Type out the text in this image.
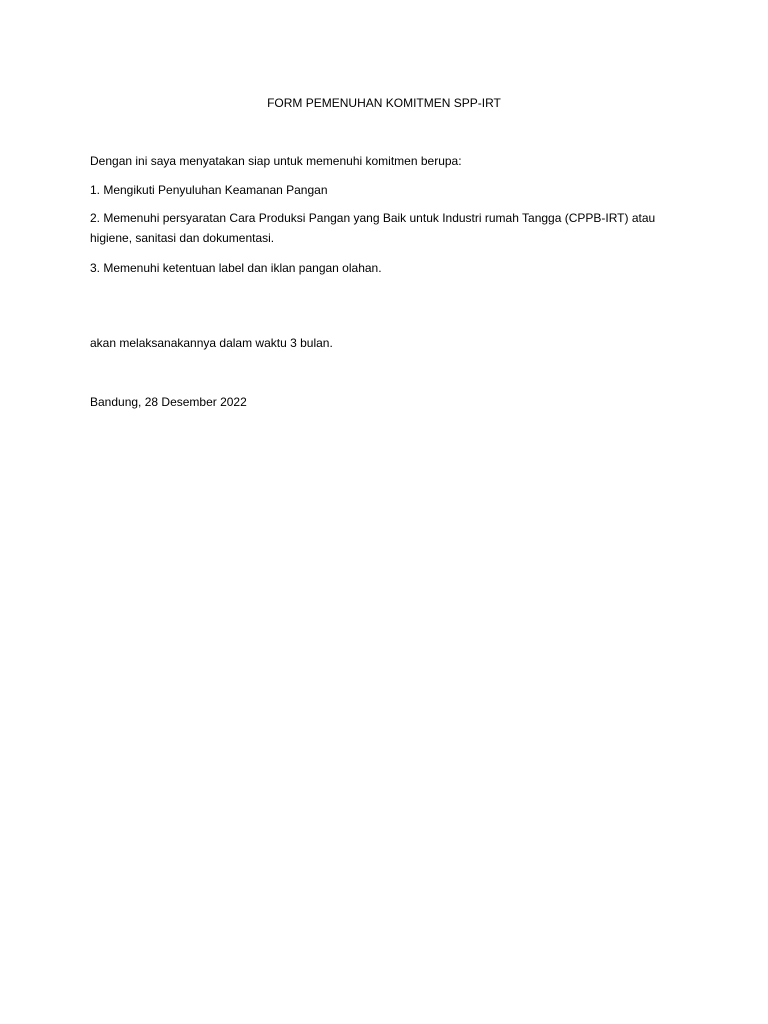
FORM PEMENUHAN KOMITMEN SPP-IRT
Dengan ini saya menyatakan siap untuk memenuhi komitmen berupa:
1. Mengikuti Penyuluhan Keamanan Pangan
2. Memenuhi persyaratan Cara Produksi Pangan yang Baik untuk Industri rumah Tangga (CPPB-IRT) atau higiene, sanitasi dan dokumentasi.
3. Memenuhi ketentuan label dan iklan pangan olahan.
akan melaksanakannya dalam waktu 3 bulan.
Bandung, 28 Desember 2022
